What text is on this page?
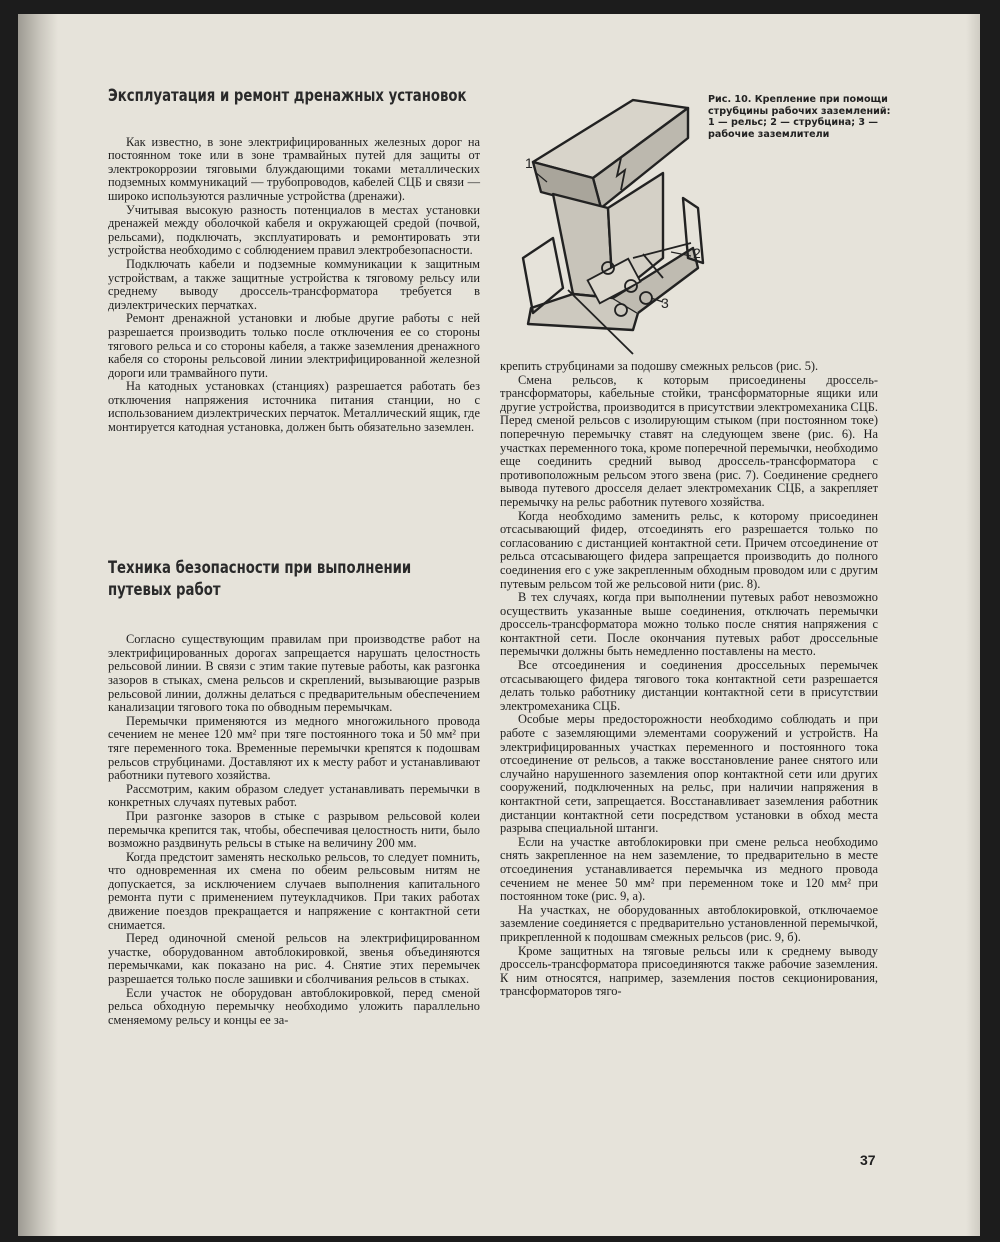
Эксплуатация и ремонт дренажных установок

Как известно, в зоне электрифицированных железных дорог на постоянном токе или в зоне трамвайных путей для защиты от электрокоррозии тяговыми блуждающими токами металлических подземных коммуникаций — трубопроводов, кабелей СЦБ и связи — широко используются различные устройства (дренажи).

Учитывая высокую разность потенциалов в местах установки дренажей между оболочкой кабеля и окружающей средой (почвой, рельсами), подключать, эксплуатировать и ремонтировать эти устройства необходимо с соблюдением правил электробезопасности.

Подключать кабели и подземные коммуникации к защитным устройствам, а также защитные устройства к тяговому рельсу или среднему выводу дроссель-трансформатора требуется в диэлектрических перчатках.

Ремонт дренажной установки и любые другие работы с ней разрешается производить только после отключения ее со стороны тягового рельса и со стороны кабеля, а также заземления дренажного кабеля со стороны рельсовой линии электрифицированной железной дороги или трамвайного пути.

На катодных установках (станциях) разрешается работать без отключения напряжения источника питания станции, но с использованием диэлектрических перчаток. Металлический ящик, где монтируется катодная установка, должен быть обязательно заземлен.

Техника безопасности при выполнении
путевых работ

Согласно существующим правилам при производстве работ на электрифицированных дорогах запрещается нарушать целостность рельсовой линии. В связи с этим такие путевые работы, как разгонка зазоров в стыках, смена рельсов и скреплений, вызывающие разрыв рельсовой линии, должны делаться с предварительным обеспечением канализации тягового тока по обводным перемычкам.

Перемычки применяются из медного многожильного провода сечением не менее 120 мм² при тяге постоянного тока и 50 мм² при тяге переменного тока. Временные перемычки крепятся к подошвам рельсов струбцинами. Доставляют их к месту работ и устанавливают работники путевого хозяйства.

Рассмотрим, каким образом следует устанавливать перемычки в конкретных случаях путевых работ.

При разгонке зазоров в стыке с разрывом рельсовой колеи перемычка крепится так, чтобы, обеспечивая целостность нити, было возможно раздвинуть рельсы в стыке на величину 200 мм.

Когда предстоит заменять несколько рельсов, то следует помнить, что одновременная их смена по обеим рельсовым нитям не допускается, за исключением случаев выполнения капитального ремонта пути с применением путеукладчиков. При таких работах движение поездов прекращается и напряжение с контактной сети снимается.

Перед одиночной сменой рельсов на электрифицированном участке, оборудованном автоблокировкой, звенья объединяются перемычками, как показано на рис. 4. Снятие этих перемычек разрешается только после зашивки и сболчивания рельсов в стыках.

Если участок не оборудован автоблокировкой, перед сменой рельса обходную перемычку необходимо уложить параллельно сменяемому рельсу и концы ее за-

1
2
3
Рис. 10. Крепление при помощи струбцины рабочих заземлений: 1 — рельс; 2 — струбцина; 3 — рабочие заземлители

крепить струбцинами за подошву смежных рельсов (рис. 5).

Смена рельсов, к которым присоединены дроссель-трансформаторы, кабельные стойки, трансформаторные ящики или другие устройства, производится в присутствии электромеханика СЦБ. Перед сменой рельсов с изолирующим стыком (при постоянном токе) поперечную перемычку ставят на следующем звене (рис. 6). На участках переменного тока, кроме поперечной перемычки, необходимо еще соединить средний вывод дроссель-трансформатора с противоположным рельсом этого звена (рис. 7). Соединение среднего вывода путевого дросселя делает электромеханик СЦБ, а закрепляет перемычку на рельс работник путевого хозяйства.

Когда необходимо заменить рельс, к которому присоединен отсасывающий фидер, отсоединять его разрешается только по согласованию с дистанцией контактной сети. Причем отсоединение от рельса отсасывающего фидера запрещается производить до полного соединения его с уже закрепленным обходным проводом или с другим путевым рельсом той же рельсовой нити (рис. 8).

В тех случаях, когда при выполнении путевых работ невозможно осуществить указанные выше соединения, отключать перемычки дроссель-трансформатора можно только после снятия напряжения с контактной сети. После окончания путевых работ дроссельные перемычки должны быть немедленно поставлены на место.

Все отсоединения и соединения дроссельных перемычек отсасывающего фидера тягового тока контактной сети разрешается делать только работнику дистанции контактной сети в присутствии электромеханика СЦБ.

Особые меры предосторожности необходимо соблюдать и при работе с заземляющими элементами сооружений и устройств. На электрифицированных участках переменного и постоянного тока отсоединение от рельсов, а также восстановление ранее снятого или случайно нарушенного заземления опор контактной сети или других сооружений, подключенных на рельс, при наличии напряжения в контактной сети, запрещается. Восстанавливает заземления работник дистанции контактной сети посредством установки в обход места разрыва специальной штанги.

Если на участке автоблокировки при смене рельса необходимо снять закрепленное на нем заземление, то предварительно в месте отсоединения устанавливается перемычка из медного провода сечением не менее 50 мм² при переменном токе и 120 мм² при постоянном токе (рис. 9, а).

На участках, не оборудованных автоблокировкой, отключаемое заземление соединяется с предварительно установленной перемычкой, прикрепленной к подошвам смежных рельсов (рис. 9, б).

Кроме защитных на тяговые рельсы или к среднему выводу дроссель-трансформатора присоединяются также рабочие заземления. К ним относятся, например, заземления постов секционирования, трансформаторов тяго-

37
